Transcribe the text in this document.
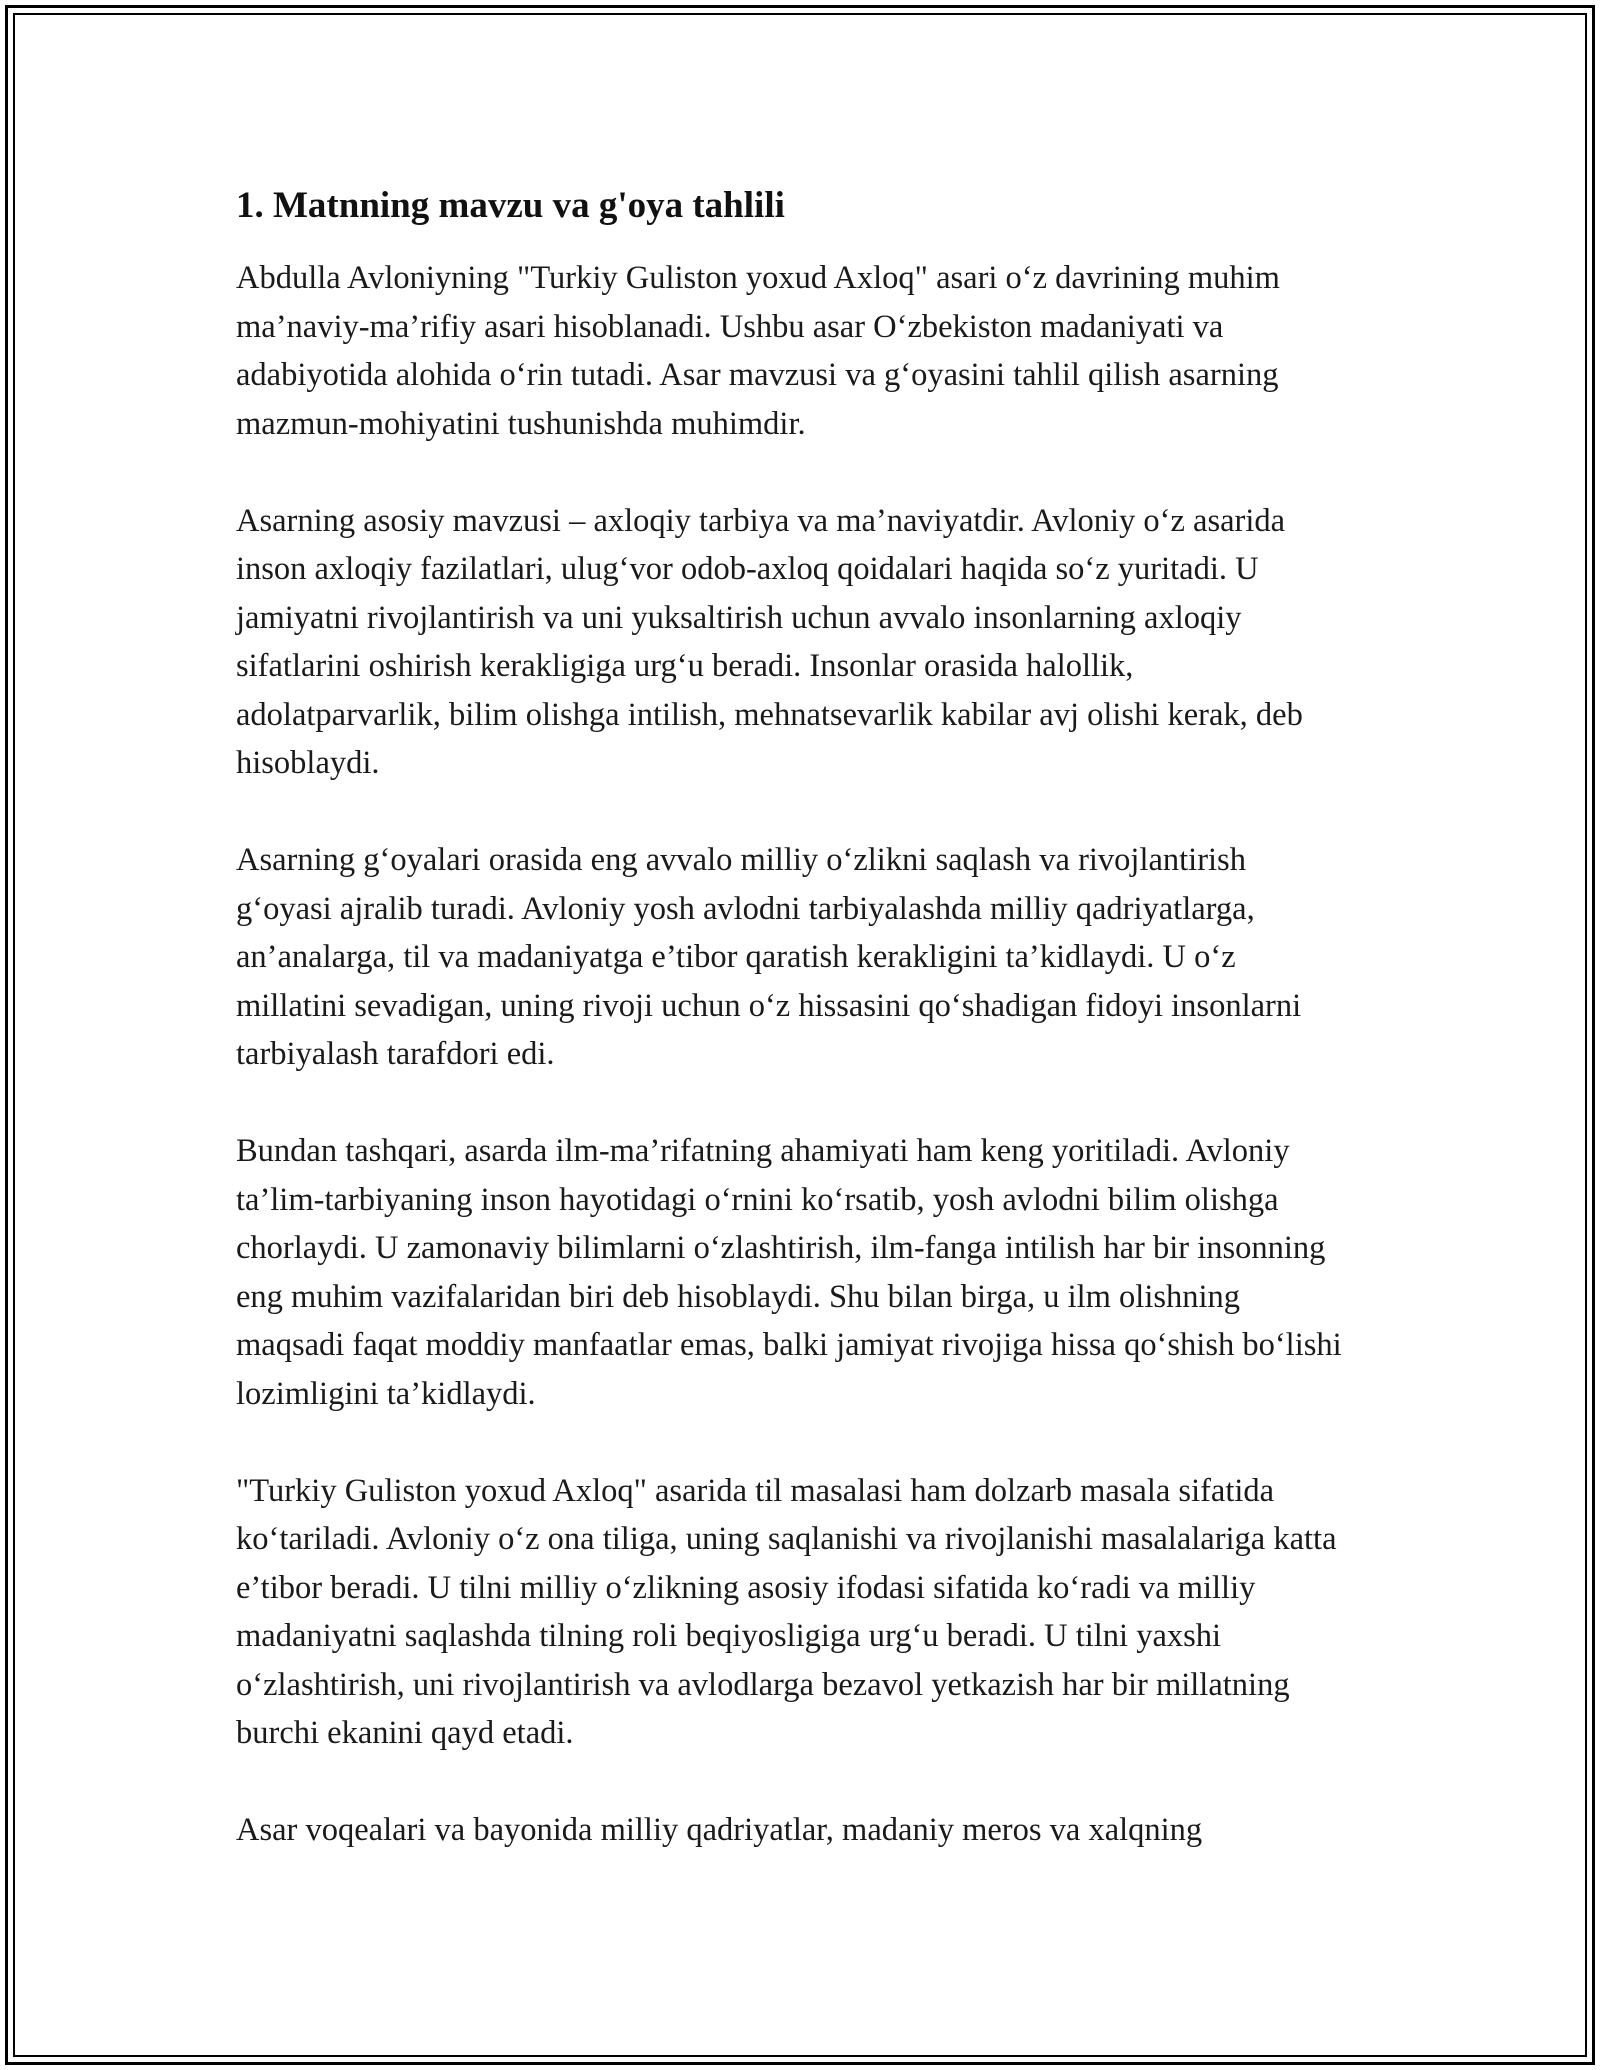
1. Matnning mavzu va g'oya tahlili

Abdulla Avloniyning "Turkiy Guliston yoxud Axloq" asari o‘z davrining muhim ma’naviy-ma’rifiy asari hisoblanadi. Ushbu asar O‘zbekiston madaniyati va adabiyotida alohida o‘rin tutadi. Asar mavzusi va g‘oyasini tahlil qilish asarning mazmun-mohiyatini tushunishda muhimdir.

Asarning asosiy mavzusi – axloqiy tarbiya va ma’naviyatdir. Avloniy o‘z asarida inson axloqiy fazilatlari, ulug‘vor odob-axloq qoidalari haqida so‘z yuritadi. U jamiyatni rivojlantirish va uni yuksaltirish uchun avvalo insonlarning axloqiy sifatlarini oshirish kerakligiga urg‘u beradi. Insonlar orasida halollik, adolatparvarlik, bilim olishga intilish, mehnatsevarlik kabilar avj olishi kerak, deb hisoblaydi.

Asarning g‘oyalari orasida eng avvalo milliy o‘zlikni saqlash va rivojlantirish g‘oyasi ajralib turadi. Avloniy yosh avlodni tarbiyalashda milliy qadriyatlarga, an’analarga, til va madaniyatga e’tibor qaratish kerakligini ta’kidlaydi. U o‘z millatini sevadigan, uning rivoji uchun o‘z hissasini qo‘shadigan fidoyi insonlarni tarbiyalash tarafdori edi.

Bundan tashqari, asarda ilm-ma’rifatning ahamiyati ham keng yoritiladi. Avloniy ta’lim-tarbiyaning inson hayotidagi o‘rnini ko‘rsatib, yosh avlodni bilim olishga chorlaydi. U zamonaviy bilimlarni o‘zlashtirish, ilm-fanga intilish har bir insonning eng muhim vazifalaridan biri deb hisoblaydi. Shu bilan birga, u ilm olishning maqsadi faqat moddiy manfaatlar emas, balki jamiyat rivojiga hissa qo‘shish bo‘lishi lozimligini ta’kidlaydi.

"Turkiy Guliston yoxud Axloq" asarida til masalasi ham dolzarb masala sifatida ko‘tariladi. Avloniy o‘z ona tiliga, uning saqlanishi va rivojlanishi masalalariga katta e’tibor beradi. U tilni milliy o‘zlikning asosiy ifodasi sifatida ko‘radi va milliy madaniyatni saqlashda tilning roli beqiyosligiga urg‘u beradi. U tilni yaxshi o‘zlashtirish, uni rivojlantirish va avlodlarga bezavol yetkazish har bir millatning burchi ekanini qayd etadi.

Asar voqealari va bayonida milliy qadriyatlar, madaniy meros va xalqning
